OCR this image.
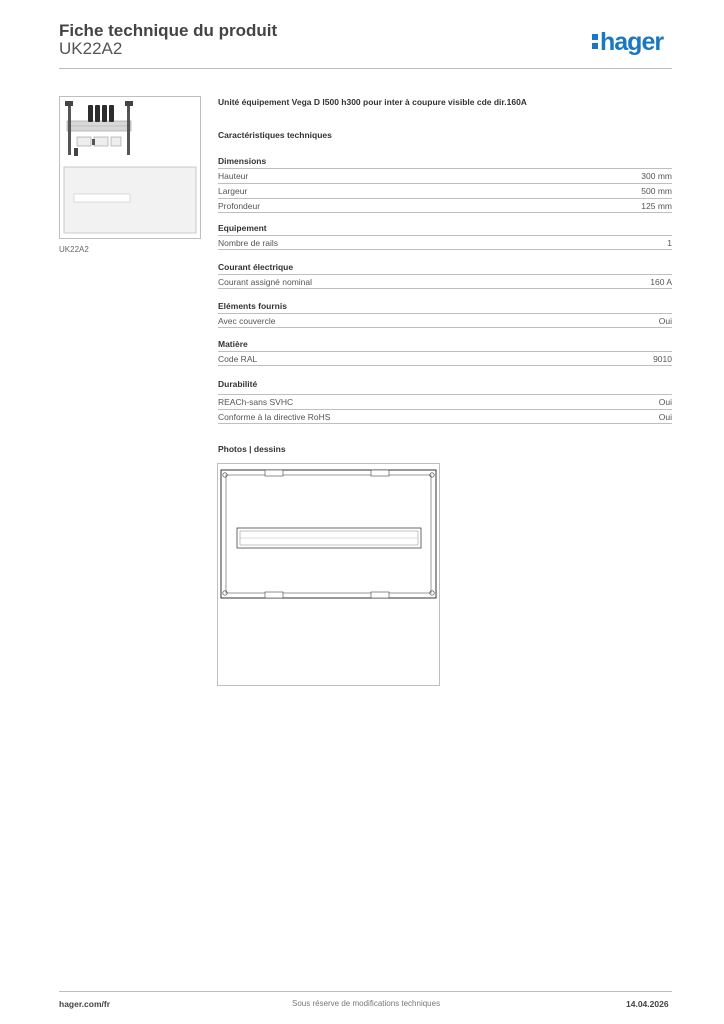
Fiche technique du produit
UK22A2	hager
UK22A2
Unité équipement Vega D l500 h300 pour inter à coupure visible cde dir.160A
Caractéristiques techniques
Dimensions
Hauteur	300 mm
Largeur	500 mm
Profondeur	125 mm
Equipement
Nombre de rails	1
Courant électrique
Courant assigné nominal	160 A
Eléments fournis
Avec couvercle	Oui
Matière
Code RAL	9010
Durabilité
REACh-sans SVHC	Oui
Conforme à la directive RoHS	Oui
Photos | dessins
hager.com/fr	Sous réserve de modifications techniques	14.04.2026
